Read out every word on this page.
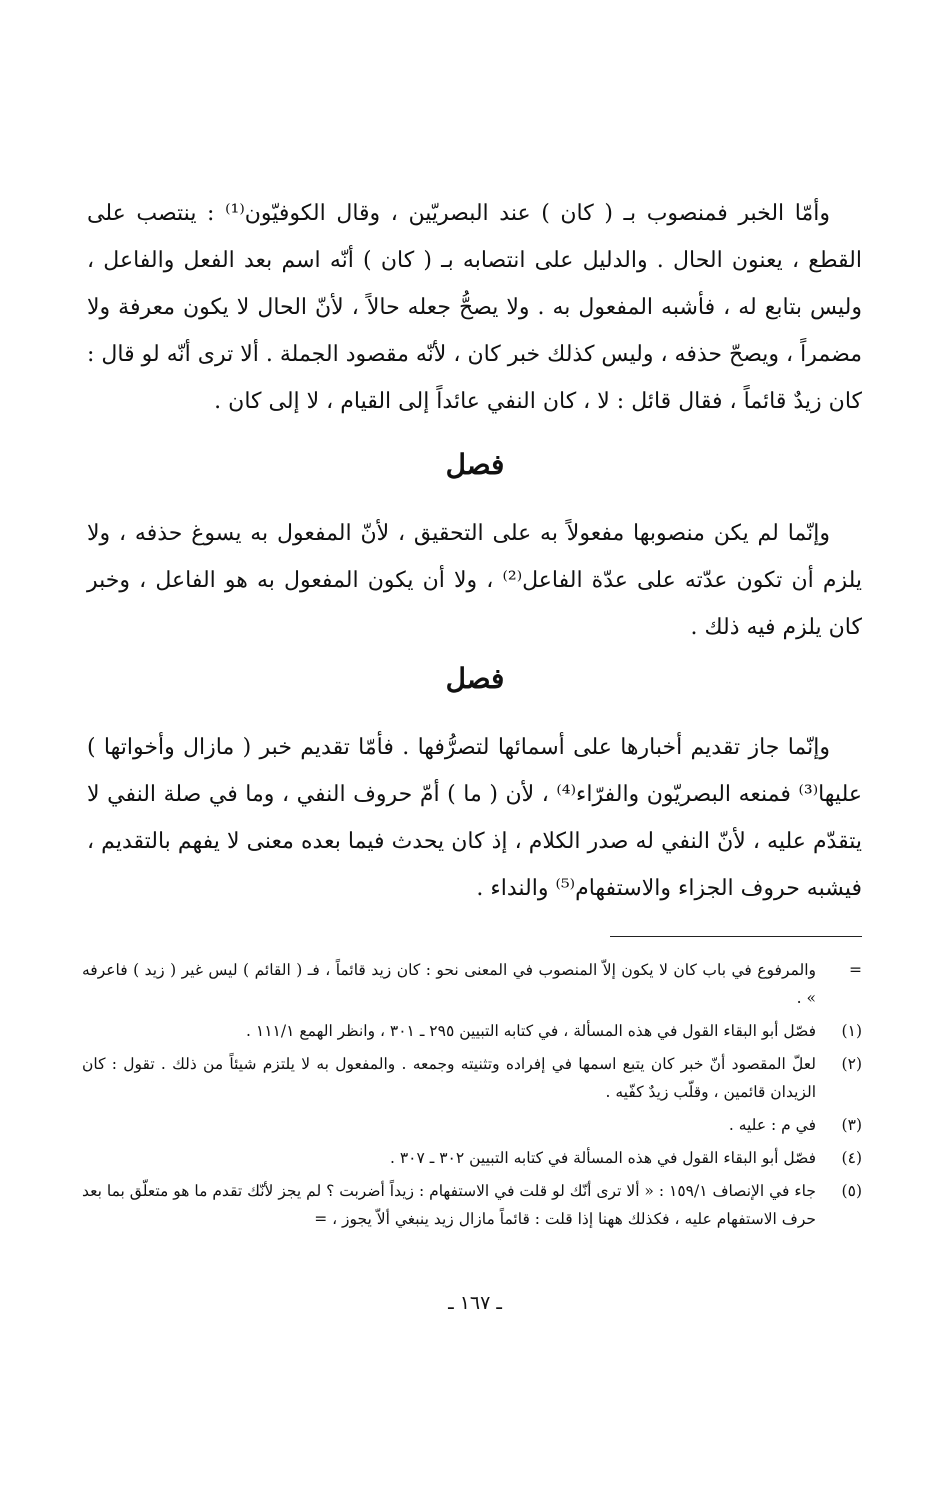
وأمّا الخبر فمنصوب بـ ( كان ) عند البصريّين ، وقال الكوفيّون⁽¹⁾ : ينتصب على القطع ، يعنون الحال . والدليل على انتصابه بـ ( كان ) أنّه اسم بعد الفعل والفاعل ، وليس بتابع له ، فأشبه المفعول به . ولا يصحُّ جعله حالاً ، لأنّ الحال لا يكون معرفة ولا مضمراً ، ويصحّ حذفه ، وليس كذلك خبر كان ، لأنّه مقصود الجملة . ألا ترى أنّه لو قال : كان زيدٌ قائماً ، فقال قائل : لا ، كان النفي عائداً إلى القيام ، لا إلى كان .

فصل

وإنّما لم يكن منصوبها مفعولاً به على التحقيق ، لأنّ المفعول به يسوغ حذفه ، ولا يلزم أن تكون عدّته على عدّة الفاعل⁽²⁾ ، ولا أن يكون المفعول به هو الفاعل ، وخبر كان يلزم فيه ذلك .

فصل

وإنّما جاز تقديم أخبارها على أسمائها لتصرُّفها . فأمّا تقديم خبر ( مازال وأخواتها ) عليها⁽³⁾ فمنعه البصريّون والفرّاء⁽⁴⁾ ، لأن ( ما ) أمّ حروف النفي ، وما في صلة النفي لا يتقدّم عليه ، لأنّ النفي له صدر الكلام ، إذ كان يحدث فيما بعده معنى لا يفهم بالتقديم ، فيشبه حروف الجزاء والاستفهام⁽⁵⁾ والنداء .

=
والمرفوع في باب كان لا يكون إلاّ المنصوب في المعنى نحو : كان زيد قائماً ، فـ ( القائم ) ليس غير ( زيد ) فاعرفه » .
(١)
فصّل أبو البقاء القول في هذه المسألة ، في كتابه التبيين ٢٩٥ ـ ٣٠١ ، وانظر الهمع ١١١/١ .
(٢)
لعلّ المقصود أنّ خبر كان يتبع اسمها في إفراده وتثنيته وجمعه . والمفعول به لا يلتزم شيئاً من ذلك . تقول : كان الزيدان قائمين ، وقلّب زيدٌ كفّيه .
(٣)
في م : عليه .
(٤)
فصّل أبو البقاء القول في هذه المسألة في كتابه التبيين ٣٠٢ ـ ٣٠٧ .
(٥)
جاء في الإنصاف ١٥٩/١ : « ألا ترى أنّك لو قلت في الاستفهام : زيداً أضربت ؟ لم يجز لأنّك تقدم ما هو متعلّق بما بعد حرف الاستفهام عليه ، فكذلك ههنا إذا قلت : قائماً مازال زيد ينبغي ألاّ يجوز ، =
ـ ١٦٧ ـ
